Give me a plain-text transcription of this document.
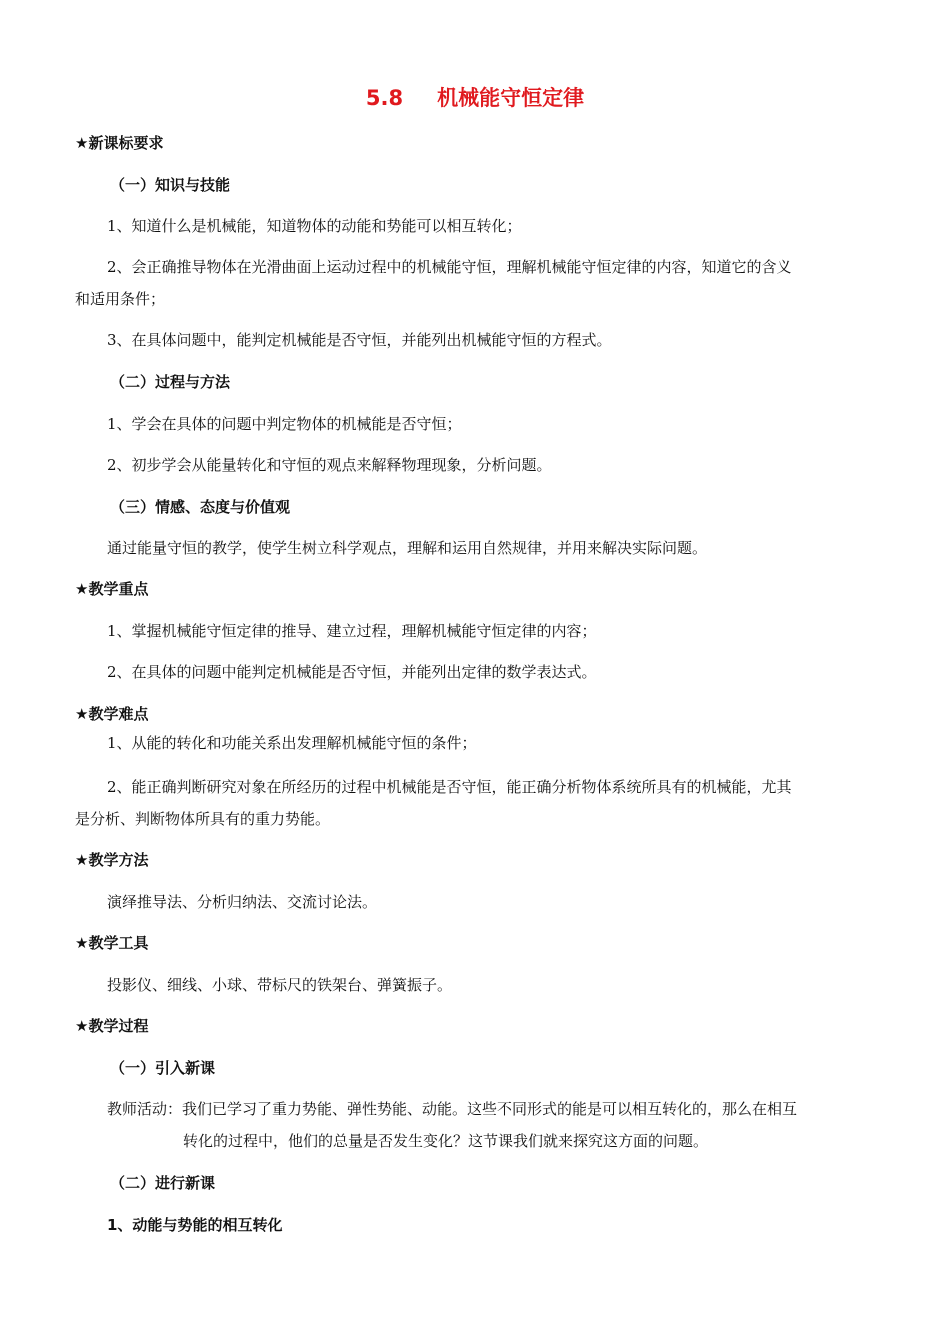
5.8 机械能守恒定律
★新课标要求
（一）知识与技能
1、知道什么是机械能，知道物体的动能和势能可以相互转化；
2、会正确推导物体在光滑曲面上运动过程中的机械能守恒，理解机械能守恒定律的内容，知道它的含义
和适用条件；
3、在具体问题中，能判定机械能是否守恒，并能列出机械能守恒的方程式。
（二）过程与方法
1、学会在具体的问题中判定物体的机械能是否守恒；
2、初步学会从能量转化和守恒的观点来解释物理现象，分析问题。
（三）情感、态度与价值观
通过能量守恒的教学，使学生树立科学观点，理解和运用自然规律，并用来解决实际问题。
★教学重点
1、掌握机械能守恒定律的推导、建立过程，理解机械能守恒定律的内容；
2、在具体的问题中能判定机械能是否守恒，并能列出定律的数学表达式。
★教学难点
1、从能的转化和功能关系出发理解机械能守恒的条件；
2、能正确判断研究对象在所经历的过程中机械能是否守恒，能正确分析物体系统所具有的机械能，尤其
是分析、判断物体所具有的重力势能。
★教学方法
演绎推导法、分析归纳法、交流讨论法。
★教学工具
投影仪、细线、小球、带标尺的铁架台、弹簧振子。
★教学过程
（一）引入新课
教师活动：我们已学习了重力势能、弹性势能、动能。这些不同形式的能是可以相互转化的，那么在相互
转化的过程中，他们的总量是否发生变化？这节课我们就来探究这方面的问题。
（二）进行新课
1、动能与势能的相互转化
